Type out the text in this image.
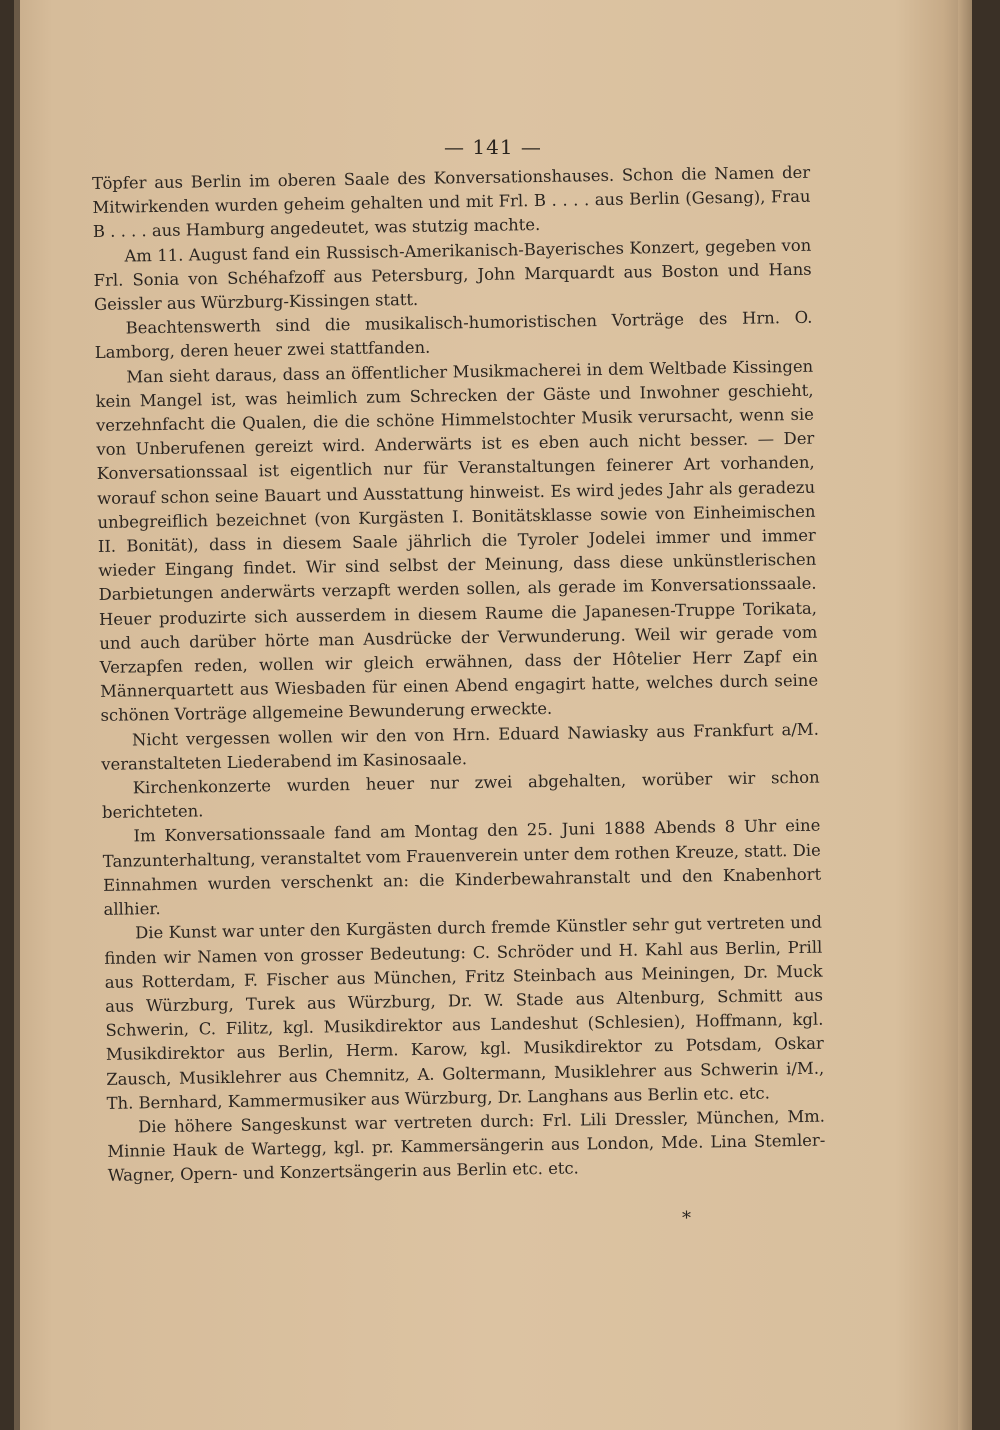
— 141 —

Töpfer aus Berlin im oberen Saale des Konversationshauses. Schon die Namen der Mitwirkenden wurden geheim gehalten und mit Frl. B . . . . aus Berlin (Gesang), Frau B . . . . aus Hamburg angedeutet, was stutzig machte.

Am 11. August fand ein Russisch-Amerikanisch-Bayerisches Konzert, gegeben von Frl. Sonia von Schéhafzoff aus Petersburg, John Marquardt aus Boston und Hans Geissler aus Würzburg-Kissingen statt.

Beachtenswerth sind die musikalisch-humoristischen Vorträge des Hrn. O. Lamborg, deren heuer zwei stattfanden.

Man sieht daraus, dass an öffentlicher Musikmacherei in dem Weltbade Kissingen kein Mangel ist, was heimlich zum Schrecken der Gäste und Inwohner geschieht, verzehnfacht die Qualen, die die schöne Himmelstochter Musik verursacht, wenn sie von Unberufenen gereizt wird. Anderwärts ist es eben auch nicht besser. — Der Konversationssaal ist eigentlich nur für Veranstaltungen feinerer Art vorhanden, worauf schon seine Bauart und Ausstattung hinweist. Es wird jedes Jahr als geradezu unbegreiflich bezeichnet (von Kurgästen I. Bonitätsklasse sowie von Einheimischen II. Bonität), dass in diesem Saale jährlich die Tyroler Jodelei immer und immer wieder Eingang findet. Wir sind selbst der Meinung, dass diese unkünstlerischen Darbietungen anderwärts verzapft werden sollen, als gerade im Konversationssaale. Heuer produzirte sich ausserdem in diesem Raume die Japanesen-Truppe Torikata, und auch darüber hörte man Ausdrücke der Verwunderung. Weil wir gerade vom Verzapfen reden, wollen wir gleich erwähnen, dass der Hôtelier Herr Zapf ein Männerquartett aus Wiesbaden für einen Abend engagirt hatte, welches durch seine schönen Vorträge allgemeine Bewunderung erweckte.

Nicht vergessen wollen wir den von Hrn. Eduard Nawiasky aus Frankfurt a/M. veranstalteten Liederabend im Kasinosaale.

Kirchenkonzerte wurden heuer nur zwei abgehalten, worüber wir schon berichteten.

Im Konversationssaale fand am Montag den 25. Juni 1888 Abends 8 Uhr eine Tanzunterhaltung, veranstaltet vom Frauenverein unter dem rothen Kreuze, statt. Die Einnahmen wurden verschenkt an: die Kinderbewahranstalt und den Knabenhort allhier.

Die Kunst war unter den Kurgästen durch fremde Künstler sehr gut vertreten und finden wir Namen von grosser Bedeutung: C. Schröder und H. Kahl aus Berlin, Prill aus Rotterdam, F. Fischer aus München, Fritz Steinbach aus Meiningen, Dr. Muck aus Würzburg, Turek aus Würzburg, Dr. W. Stade aus Altenburg, Schmitt aus Schwerin, C. Filitz, kgl. Musikdirektor aus Landeshut (Schlesien), Hoffmann, kgl. Musikdirektor aus Berlin, Herm. Karow, kgl. Musikdirektor zu Potsdam, Oskar Zausch, Musiklehrer aus Chemnitz, A. Goltermann, Musiklehrer aus Schwerin i/M., Th. Bernhard, Kammermusiker aus Würzburg, Dr. Langhans aus Berlin etc. etc.

Die höhere Sangeskunst war vertreten durch: Frl. Lili Dressler, München, Mm. Minnie Hauk de Wartegg, kgl. pr. Kammersängerin aus London, Mde. Lina Stemler-Wagner, Opern- und Konzertsängerin aus Berlin etc. etc.

*
